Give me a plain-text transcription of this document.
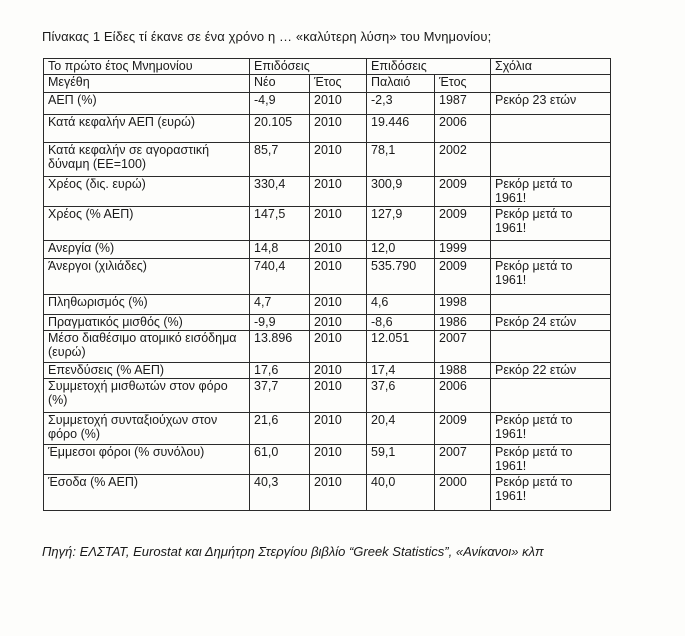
Πίνακας 1 Είδες τί έκανε σε ένα χρόνο η … «καλύτερη λύση» του Μνημονίου;
Το πρώτο έτος Μνημονίου	Επιδόσεις		Επιδόσεις		Σχόλια
Μεγέθη	Νέο	Έτος	Παλαιό	Έτος	
ΑΕΠ (%)	-4,9	2010	-2,3	1987	Ρεκόρ 23 ετών
Κατά κεφαλήν ΑΕΠ (ευρώ)	20.105	2010	19.446	2006	
Κατά κεφαλήν σε αγοραστική δύναμη (ΕΕ=100)	85,7	2010	78,1	2002	
Χρέος (δις. ευρώ)	330,4	2010	300,9	2009	Ρεκόρ μετά το 1961!
Χρέος (% ΑΕΠ)	147,5	2010	127,9	2009	Ρεκόρ μετά το 1961!
Ανεργία (%)	14,8	2010	12,0	1999	
Άνεργοι (χιλιάδες)	740,4	2010	535.790	2009	Ρεκόρ μετά το 1961!
Πληθωρισμός (%)	4,7	2010	4,6	1998	
Πραγματικός μισθός (%)	-9,9	2010	-8,6	1986	Ρεκόρ 24 ετών
Μέσο διαθέσιμο ατομικό εισόδημα (ευρώ)	13.896	2010	12.051	2007	
Επενδύσεις (% ΑΕΠ)	17,6	2010	17,4	1988	Ρεκόρ 22 ετών
Συμμετοχή μισθωτών στον φόρο (%)	37,7	2010	37,6	2006	
Συμμετοχή συνταξιούχων στον φόρο (%)	21,6	2010	20,4	2009	Ρεκόρ μετά το 1961!
Έμμεσοι φόροι (% συνόλου)	61,0	2010	59,1	2007	Ρεκόρ μετά το 1961!
Έσοδα (% ΑΕΠ)	40,3	2010	40,0	2000	Ρεκόρ μετά το 1961!
Πηγή: ΕΛΣΤΑΤ, Eurostat και Δημήτρη Στεργίου βιβλίο “Greek Statistics”, «Ανίκανοι» κλπ
